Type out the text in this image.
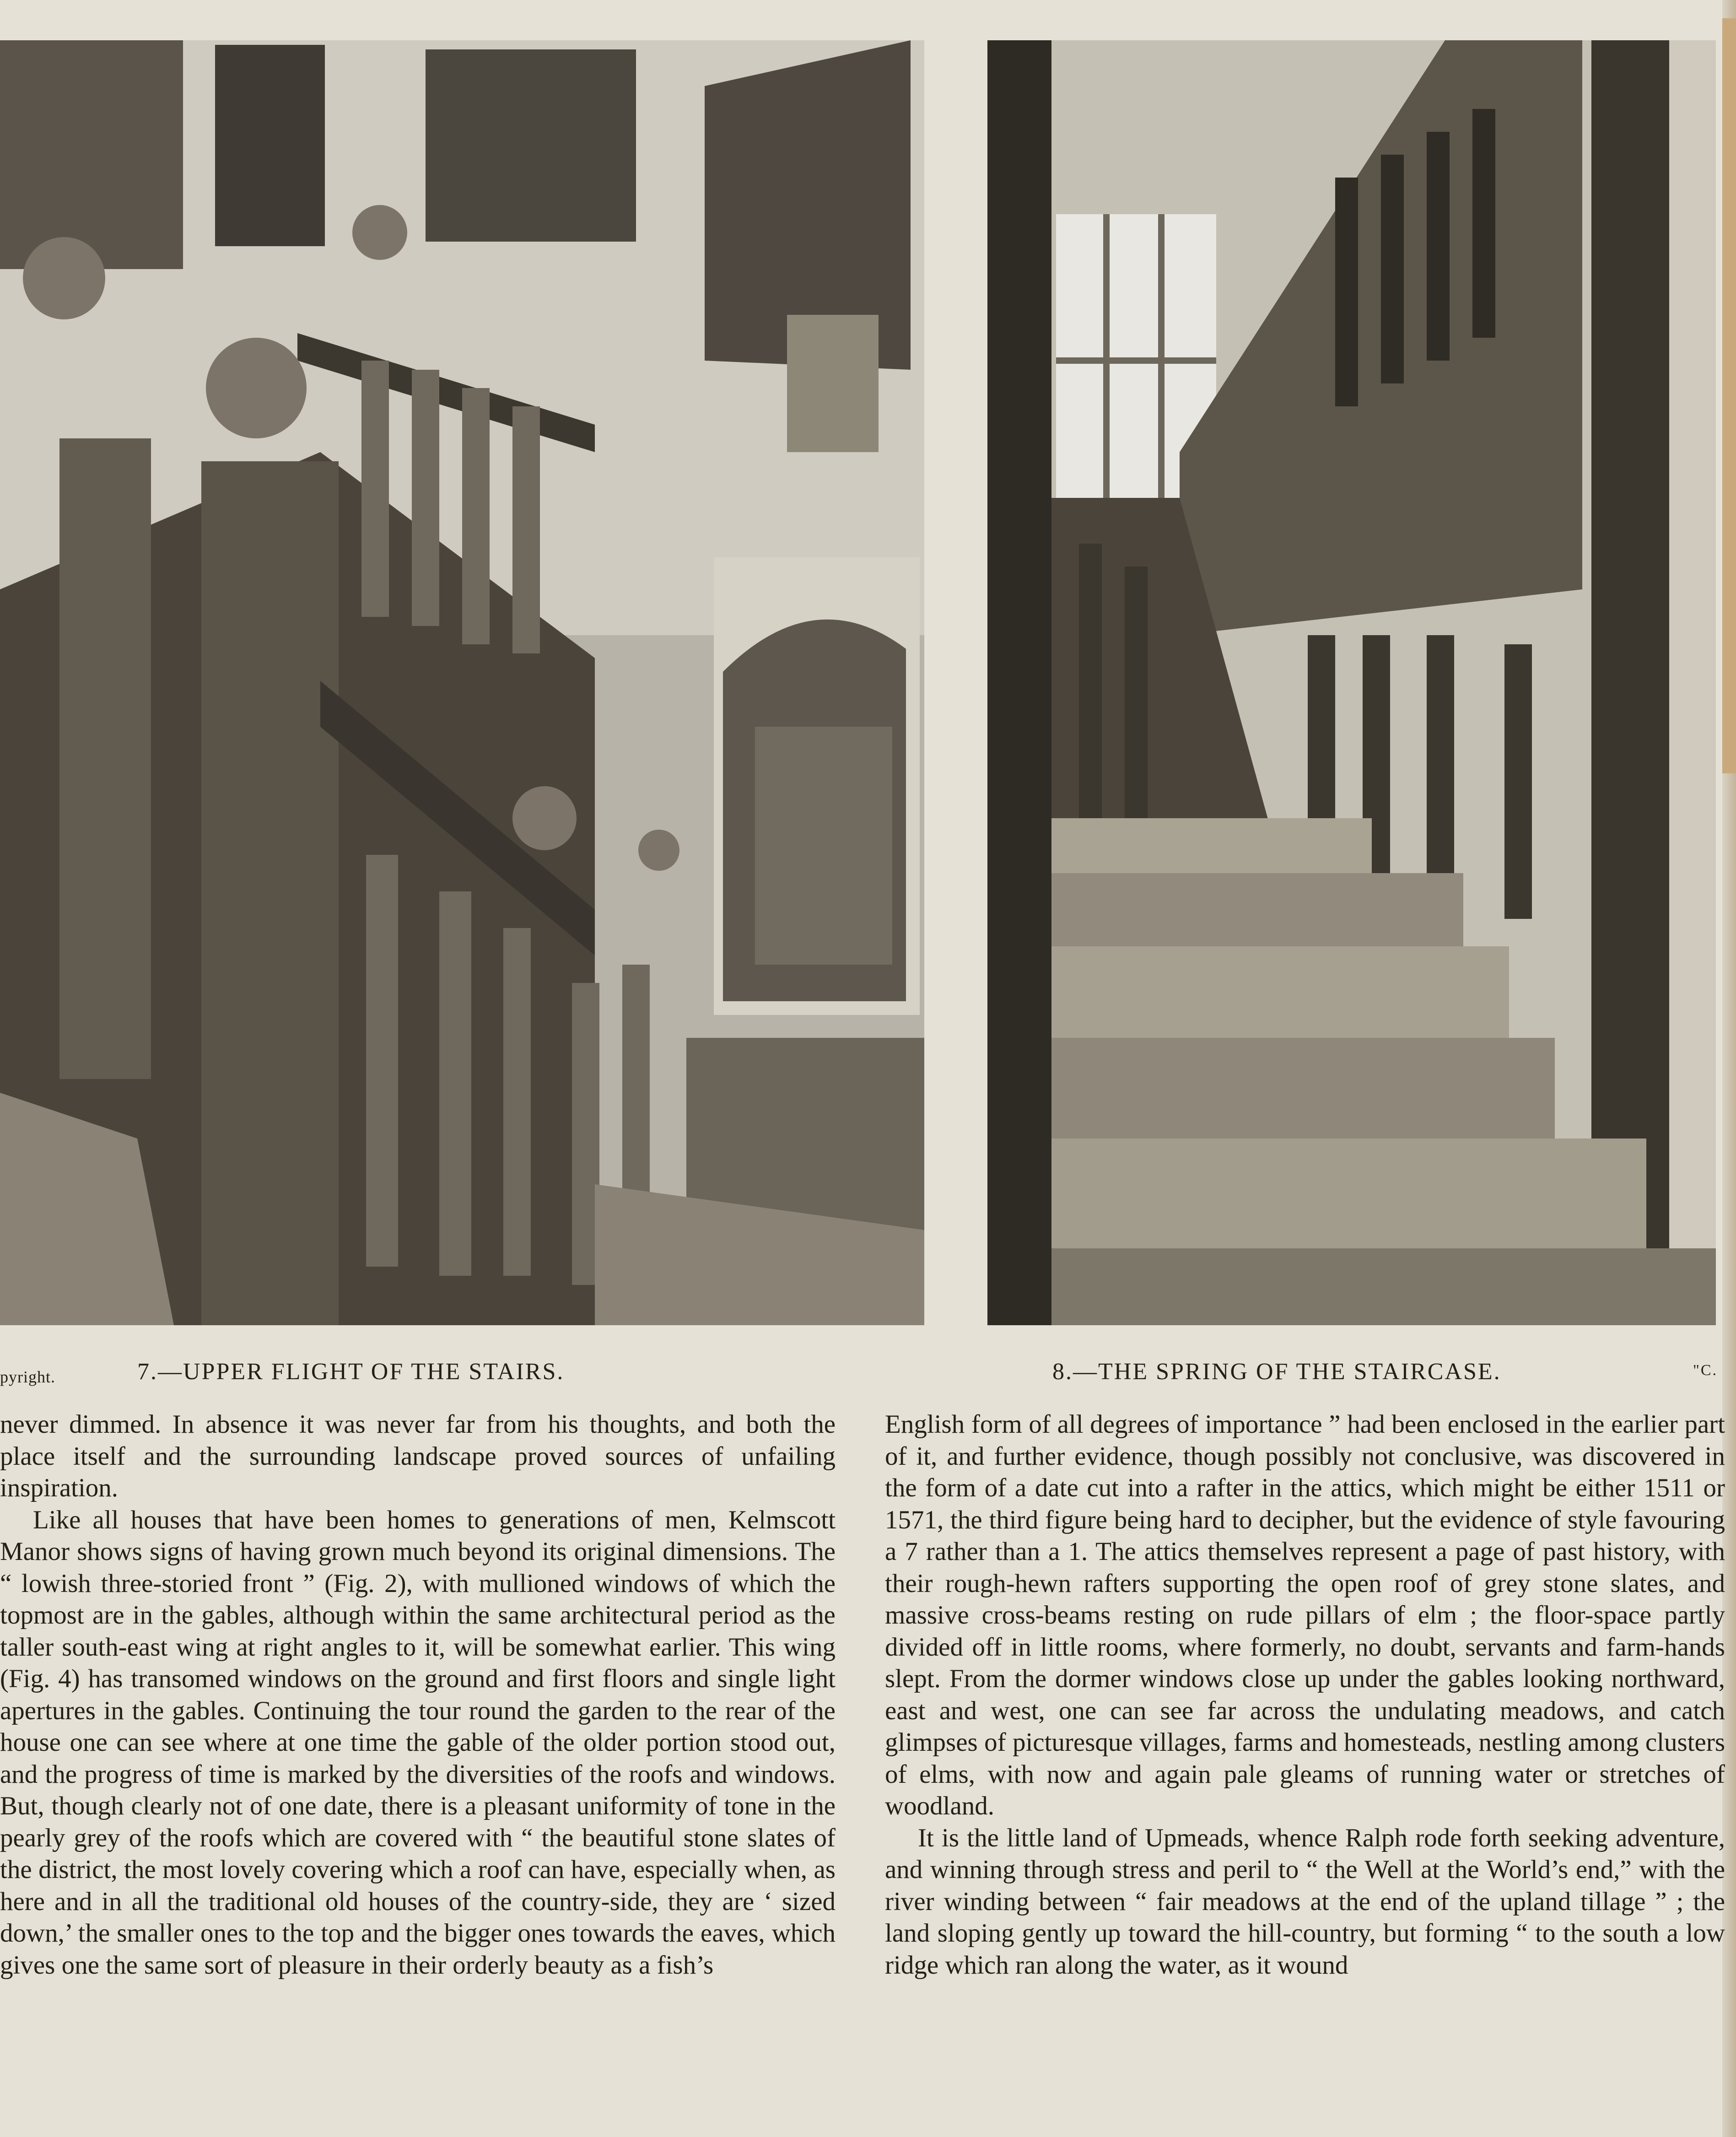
pyright.	7.—UPPER FLIGHT OF THE STAIRS.	8.—THE SPRING OF THE STAIRCASE.	"C.

never dimmed. In absence it was never far from his thoughts, and both the place itself and the surrounding landscape proved sources of unfailing inspiration.

Like all houses that have been homes to generations of men, Kelmscott Manor shows signs of having grown much beyond its original dimensions. The “ lowish three-storied front ” (Fig. 2), with mullioned windows of which the topmost are in the gables, although within the same architectural period as the taller south-east wing at right angles to it, will be somewhat earlier. This wing (Fig. 4) has transomed windows on the ground and first floors and single light apertures in the gables. Continuing the tour round the garden to the rear of the house one can see where at one time the gable of the older portion stood out, and the progress of time is marked by the diversities of the roofs and windows. But, though clearly not of one date, there is a pleasant uniformity of tone in the pearly grey of the roofs which are covered with “ the beautiful stone slates of the district, the most lovely covering which a roof can have, especially when, as here and in all the traditional old houses of the country-side, they are ‘ sized down,’ the smaller ones to the top and the bigger ones towards the eaves, which gives one the same sort of pleasure in their orderly beauty as a fish’s

English form of all degrees of importance ” had been enclosed in the earlier part of it, and further evidence, though possibly not conclusive, was discovered in the form of a date cut into a rafter in the attics, which might be either 1511 or 1571, the third figure being hard to decipher, but the evidence of style favouring a 7 rather than a 1. The attics themselves represent a page of past history, with their rough-hewn rafters supporting the open roof of grey stone slates, and massive cross-beams resting on rude pillars of elm ; the floor-space partly divided off in little rooms, where formerly, no doubt, servants and farm-hands slept. From the dormer windows close up under the gables looking northward, east and west, one can see far across the undulating meadows, and catch glimpses of picturesque villages, farms and homesteads, nestling among clusters of elms, with now and again pale gleams of running water or stretches of woodland.

It is the little land of Upmeads, whence Ralph rode forth seeking adventure, and winning through stress and peril to “ the Well at the World’s end,” with the river winding between “ fair meadows at the end of the upland tillage ” ; the land sloping gently up toward the hill-country, but forming “ to the south a low ridge which ran along the water, as it wound
